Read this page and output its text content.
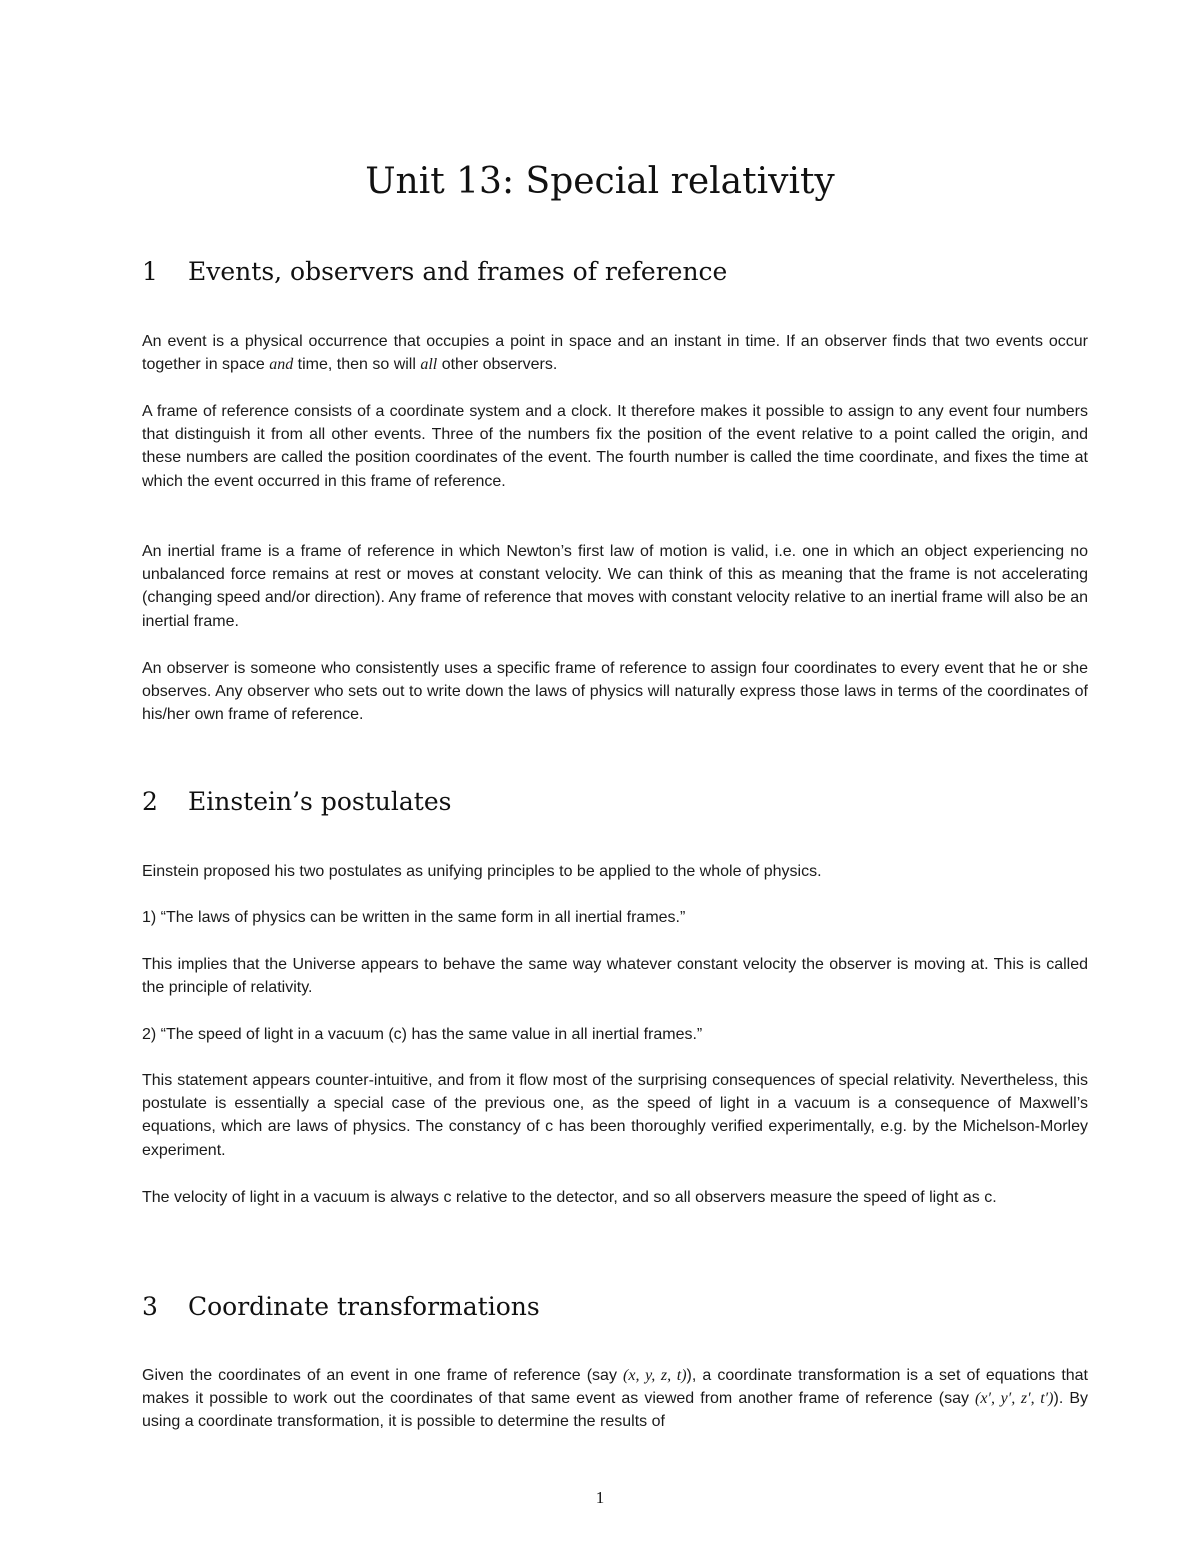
Unit 13: Special relativity
1 Events, observers and frames of reference

An event is a physical occurrence that occupies a point in space and an instant in time. If an observer finds that two events occur together in space and time, then so will all other observers.

A frame of reference consists of a coordinate system and a clock. It therefore makes it possible to assign to any event four numbers that distinguish it from all other events. Three of the numbers fix the position of the event relative to a point called the origin, and these numbers are called the position coordinates of the event. The fourth number is called the time coordinate, and fixes the time at which the event occurred in this frame of reference.

An inertial frame is a frame of reference in which Newton’s first law of motion is valid, i.e. one in which an object experiencing no unbalanced force remains at rest or moves at constant velocity. We can think of this as meaning that the frame is not accelerating (changing speed and/or direction). Any frame of reference that moves with constant velocity relative to an inertial frame will also be an inertial frame.

An observer is someone who consistently uses a specific frame of reference to assign four coordinates to every event that he or she observes. Any observer who sets out to write down the laws of physics will naturally express those laws in terms of the coordinates of his/her own frame of reference.

2 Einstein’s postulates

Einstein proposed his two postulates as unifying principles to be applied to the whole of physics.

1) “The laws of physics can be written in the same form in all inertial frames.”

This implies that the Universe appears to behave the same way whatever constant velocity the observer is moving at. This is called the principle of relativity.

2) “The speed of light in a vacuum (c) has the same value in all inertial frames.”

This statement appears counter-intuitive, and from it flow most of the surprising consequences of special relativity. Nevertheless, this postulate is essentially a special case of the previous one, as the speed of light in a vacuum is a consequence of Maxwell’s equations, which are laws of physics. The constancy of c has been thoroughly verified experimentally, e.g. by the Michelson-Morley experiment.

The velocity of light in a vacuum is always c relative to the detector, and so all observers measure the speed of light as c.

3 Coordinate transformations

Given the coordinates of an event in one frame of reference (say (x, y, z, t)), a coordinate transformation is a set of equations that makes it possible to work out the coordinates of that same event as viewed from another frame of reference (say (x′, y′, z′, t′)). By using a coordinate transformation, it is possible to determine the results of

1
